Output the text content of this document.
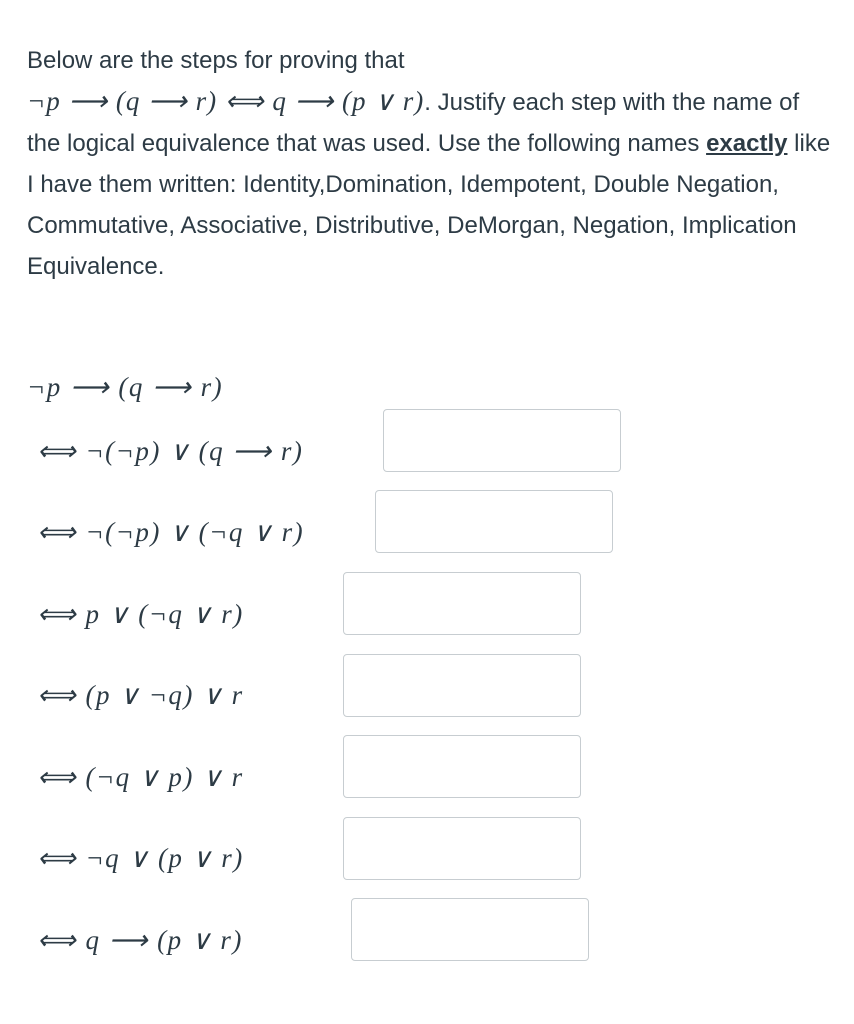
Below are the steps for proving that
¬p ⟶ (q ⟶ r) ⟺ q ⟶ (p ∨ r). Justify each step with the name of the logical equivalence that was used. Use the following names exactly like I have them written: Identity,Domination, Idempotent, Double Negation, Commutative, Associative, Distributive, DeMorgan, Negation, Implication Equivalence.

¬p ⟶ (q ⟶ r)
⟺ ¬(¬p) ∨ (q ⟶ r)
⟺ ¬(¬p) ∨ (¬q ∨ r)
⟺ p ∨ (¬q ∨ r)
⟺ (p ∨ ¬q) ∨ r
⟺ (¬q ∨ p) ∨ r
⟺ ¬q ∨ (p ∨ r)
⟺ q ⟶ (p ∨ r)
